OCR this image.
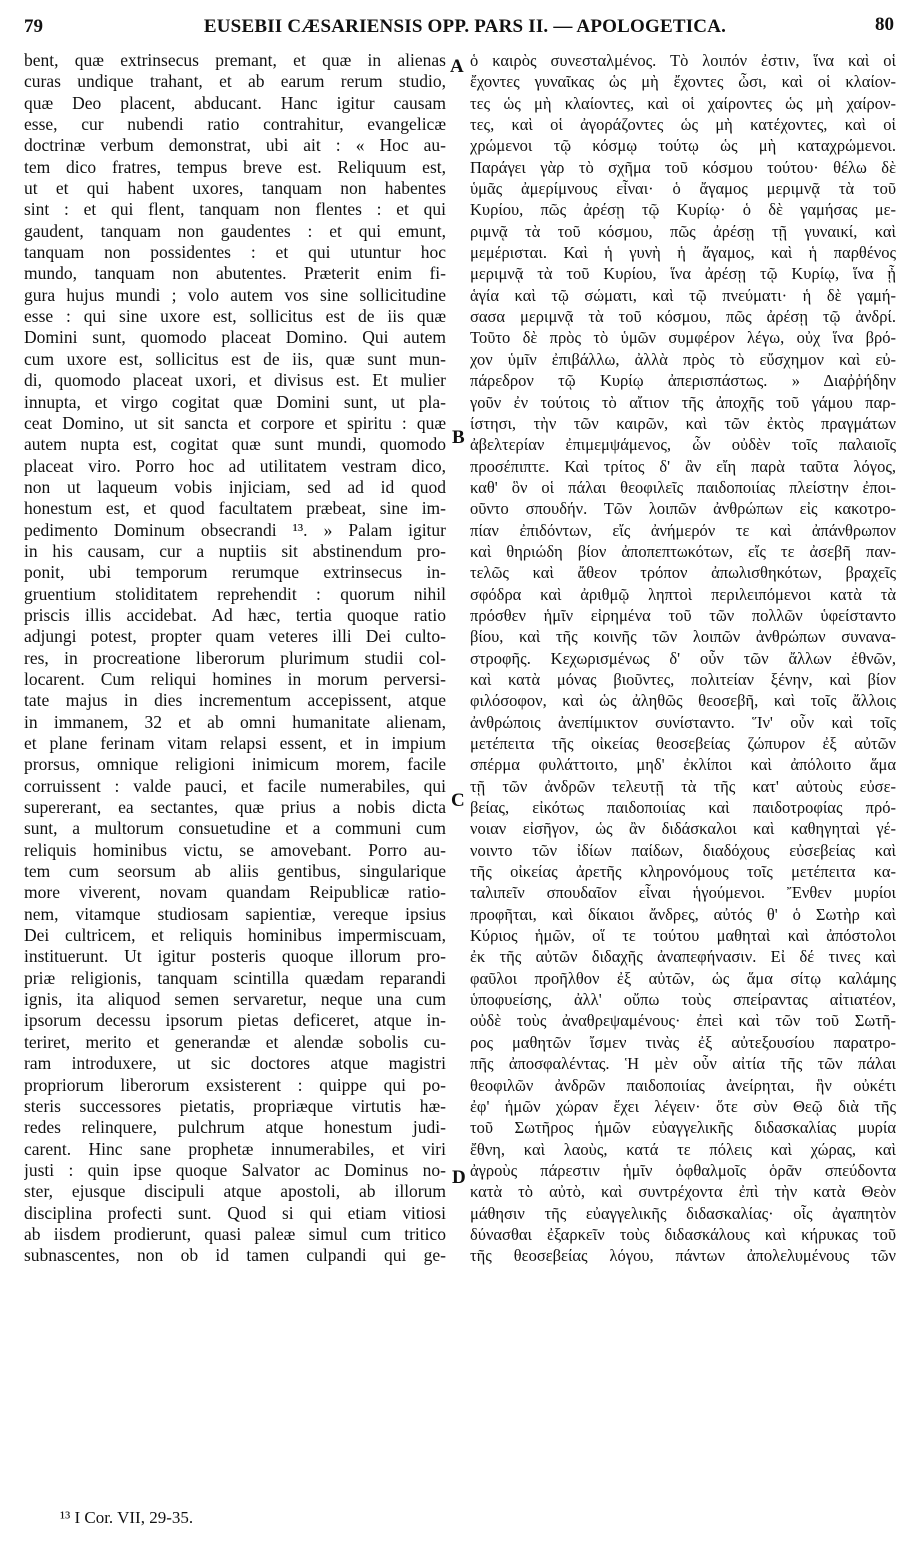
79	EUSEBII CÆSARIENSIS OPP. PARS II. — APOLOGETICA.	80
A
B
C
D
bent, quæ extrinsecus premant, et quæ in alienas
curas undique trahant, et ab earum rerum studio,
quæ Deo placent, abducant. Hanc igitur causam
esse, cur nubendi ratio contrahitur, evangelicæ
doctrinæ verbum demonstrat, ubi ait : « Hoc au-
tem dico fratres, tempus breve est. Reliquum est,
ut et qui habent uxores, tanquam non habentes
sint : et qui flent, tanquam non flentes : et qui
gaudent, tanquam non gaudentes : et qui emunt,
tanquam non possidentes : et qui utuntur hoc
mundo, tanquam non abutentes. Præterit enim fi-
gura hujus mundi ; volo autem vos sine sollicitudine
esse : qui sine uxore est, sollicitus est de iis quæ
Domini sunt, quomodo placeat Domino. Qui autem
cum uxore est, sollicitus est de iis, quæ sunt mun-
di, quomodo placeat uxori, et divisus est. Et mulier
innupta, et virgo cogitat quæ Domini sunt, ut pla-
ceat Domino, ut sit sancta et corpore et spiritu : quæ
autem nupta est, cogitat quæ sunt mundi, quomodo
placeat viro. Porro hoc ad utilitatem vestram dico,
non ut laqueum vobis injiciam, sed ad id quod
honestum est, et quod facultatem præbeat, sine im-
pedimento Dominum obsecrandi ¹³. » Palam igitur
in his causam, cur a nuptiis sit abstinendum pro-
ponit, ubi temporum rerumque extrinsecus in-
gruentium stoliditatem reprehendit : quorum nihil
priscis illis accidebat. Ad hæc, tertia quoque ratio
adjungi potest, propter quam veteres illi Dei culto-
res, in procreatione liberorum plurimum studii col-
locarent. Cum reliqui homines in morum perversi-
tate majus in dies incrementum accepissent, atque
in immanem, 32 et ab omni humanitate alienam,
et plane ferinam vitam relapsi essent, et in impium
prorsus, omnique religioni inimicum morem, facile
corruissent : valde pauci, et facile numerabiles, qui
supererant, ea sectantes, quæ prius a nobis dicta
sunt, a multorum consuetudine et a communi cum
reliquis hominibus victu, se amovebant. Porro au-
tem cum seorsum ab aliis gentibus, singularique
more viverent, novam quandam Reipublicæ ratio-
nem, vitamque studiosam sapientiæ, vereque ipsius
Dei cultricem, et reliquis hominibus impermiscuam,
instituerunt. Ut igitur posteris quoque illorum pro-
priæ religionis, tanquam scintilla quædam reparandi
ignis, ita aliquod semen servaretur, neque una cum
ipsorum decessu ipsorum pietas deficeret, atque in-
teriret, merito et generandæ et alendæ sobolis cu-
ram introduxere, ut sic doctores atque magistri
propriorum liberorum exsisterent : quippe qui po-
steris successores pietatis, propriæque virtutis hæ-
redes relinquere, pulchrum atque honestum judi-
carent. Hinc sane prophetæ innumerabiles, et viri
justi : quin ipse quoque Salvator ac Dominus no-
ster, ejusque discipuli atque apostoli, ab illorum
disciplina profecti sunt. Quod si qui etiam vitiosi
ab iisdem prodierunt, quasi paleæ simul cum tritico
subnascentes, non ob id tamen culpandi qui ge-
ὁ καιρὸς συνεσταλμένος. Τὸ λοιπόν ἐστιν, ἵνα καὶ οἱ
ἔχοντες γυναῖκας ὡς μὴ ἔχοντες ὦσι, καὶ οἱ κλαίον-
τες ὡς μὴ κλαίοντες, καὶ οἱ χαίροντες ὡς μὴ χαίρον-
τες, καὶ οἱ ἀγοράζοντες ὡς μὴ κατέχοντες, καὶ οἱ
χρώμενοι τῷ κόσμῳ τούτῳ ὡς μὴ καταχρώμενοι.
Παράγει γὰρ τὸ σχῆμα τοῦ κόσμου τούτου· θέλω δὲ
ὑμᾶς ἀμερίμνους εἶναι· ὁ ἄγαμος μεριμνᾷ τὰ τοῦ
Κυρίου, πῶς ἀρέσῃ τῷ Κυρίῳ· ὁ δὲ γαμήσας με-
ριμνᾷ τὰ τοῦ κόσμου, πῶς ἀρέσῃ τῇ γυναικί, καὶ
μεμέρισται. Καὶ ἡ γυνὴ ἡ ἄγαμος, καὶ ἡ παρθένος
μεριμνᾷ τὰ τοῦ Κυρίου, ἵνα ἀρέσῃ τῷ Κυρίῳ, ἵνα ᾖ
ἁγία καὶ τῷ σώματι, καὶ τῷ πνεύματι· ἡ δὲ γαμή-
σασα μεριμνᾷ τὰ τοῦ κόσμου, πῶς ἀρέσῃ τῷ ἀνδρί.
Τοῦτο δὲ πρὸς τὸ ὑμῶν συμφέρον λέγω, οὐχ ἵνα βρό-
χον ὑμῖν ἐπιβάλλω, ἀλλὰ πρὸς τὸ εὔσχημον καὶ εὐ-
πάρεδρον τῷ Κυρίῳ ἀπερισπάστως. » Διαῤῥήδην
γοῦν ἐν τούτοις τὸ αἴτιον τῆς ἀποχῆς τοῦ γάμου παρ-
ίστησι, τὴν τῶν καιρῶν, καὶ τῶν ἐκτὸς πραγμάτων
ἀβελτερίαν ἐπιμεμψάμενος, ὧν οὐδὲν τοῖς παλαιοῖς
προσέπιπτε. Καὶ τρίτος δ' ἂν εἴη παρὰ ταῦτα λόγος,
καθ' ὃν οἱ πάλαι θεοφιλεῖς παιδοποιίας πλείστην ἐποι-
οῦντο σπουδήν. Τῶν λοιπῶν ἀνθρώπων εἰς κακοτρο-
πίαν ἐπιδόντων, εἴς ἀνήμερόν τε καὶ ἀπάνθρωπον
καὶ θηριώδη βίον ἀποπεπτωκότων, εἴς τε ἀσεβῆ παν-
τελῶς καὶ ἄθεον τρόπον ἀπωλισθηκότων, βραχεῖς
σφόδρα καὶ ἀριθμῷ ληπτοὶ περιλειπόμενοι κατὰ τὰ
πρόσθεν ἡμῖν εἰρημένα τοῦ τῶν πολλῶν ὑφείσταντο
βίου, καὶ τῆς κοινῆς τῶν λοιπῶν ἀνθρώπων συνανα-
στροφῆς. Κεχωρισμένως δ' οὖν τῶν ἄλλων ἐθνῶν,
καὶ κατὰ μόνας βιοῦντες, πολιτείαν ξένην, καὶ βίον
φιλόσοφον, καὶ ὡς ἀληθῶς θεοσεβῆ, καὶ τοῖς ἄλλοις
ἀνθρώποις ἀνεπίμικτον συνίσταντο. Ἵν' οὖν καὶ τοῖς
μετέπειτα τῆς οἰκείας θεοσεβείας ζώπυρον ἐξ αὐτῶν
σπέρμα φυλάττοιτο, μηδ' ἐκλίποι καὶ ἀπόλοιτο ἅμα
τῇ τῶν ἀνδρῶν τελευτῇ τὰ τῆς κατ' αὐτοὺς εὐσε-
βείας, εἰκότως παιδοποιίας καὶ παιδοτροφίας πρό-
νοιαν εἰσῆγον, ὡς ἂν διδάσκαλοι καὶ καθηγηταὶ γέ-
νοιντο τῶν ἰδίων παίδων, διαδόχους εὐσεβείας καὶ
τῆς οἰκείας ἀρετῆς κληρονόμους τοῖς μετέπειτα κα-
ταλιπεῖν σπουδαῖον εἶναι ἡγούμενοι. Ἔνθεν μυρίοι
προφῆται, καὶ δίκαιοι ἄνδρες, αὐτός θ' ὁ Σωτὴρ καὶ
Κύριος ἡμῶν, οἵ τε τούτου μαθηταὶ καὶ ἀπόστολοι
ἐκ τῆς αὐτῶν διδαχῆς ἀναπεφήνασιν. Εἰ δέ τινες καὶ
φαῦλοι προῆλθον ἐξ αὐτῶν, ὡς ἅμα σίτῳ καλάμης
ὑποφυείσης, ἀλλ' οὔπω τοὺς σπείραντας αἰτιατέον,
οὐδὲ τοὺς ἀναθρεψαμένους· ἐπεὶ καὶ τῶν τοῦ Σωτῆ-
ρος μαθητῶν ἴσμεν τινὰς ἐξ αὐτεξουσίου παρατρο-
πῆς ἀποσφαλέντας. Ἡ μὲν οὖν αἰτία τῆς τῶν πάλαι
θεοφιλῶν ἀνδρῶν παιδοποιίας ἀνείρηται, ἣν οὐκέτι
ἐφ' ἡμῶν χώραν ἔχει λέγειν· ὅτε σὺν Θεῷ διὰ τῆς
τοῦ Σωτῆρος ἡμῶν εὐαγγελικῆς διδασκαλίας μυρία
ἔθνη, καὶ λαοὺς, κατά τε πόλεις καὶ χώρας, καὶ
ἀγροὺς πάρεστιν ἡμῖν ὀφθαλμοῖς ὁρᾶν σπεύδοντα
κατὰ τὸ αὐτὸ, καὶ συντρέχοντα ἐπὶ τὴν κατὰ Θεὸν
μάθησιν τῆς εὐαγγελικῆς διδασκαλίας· οἷς ἀγαπητὸν
δύνασθαι ἐξαρκεῖν τοὺς διδασκάλους καὶ κήρυκας τοῦ
τῆς θεοσεβείας λόγου, πάντων ἀπολελυμένους τῶν
¹³ I Cor. VII, 29-35.
